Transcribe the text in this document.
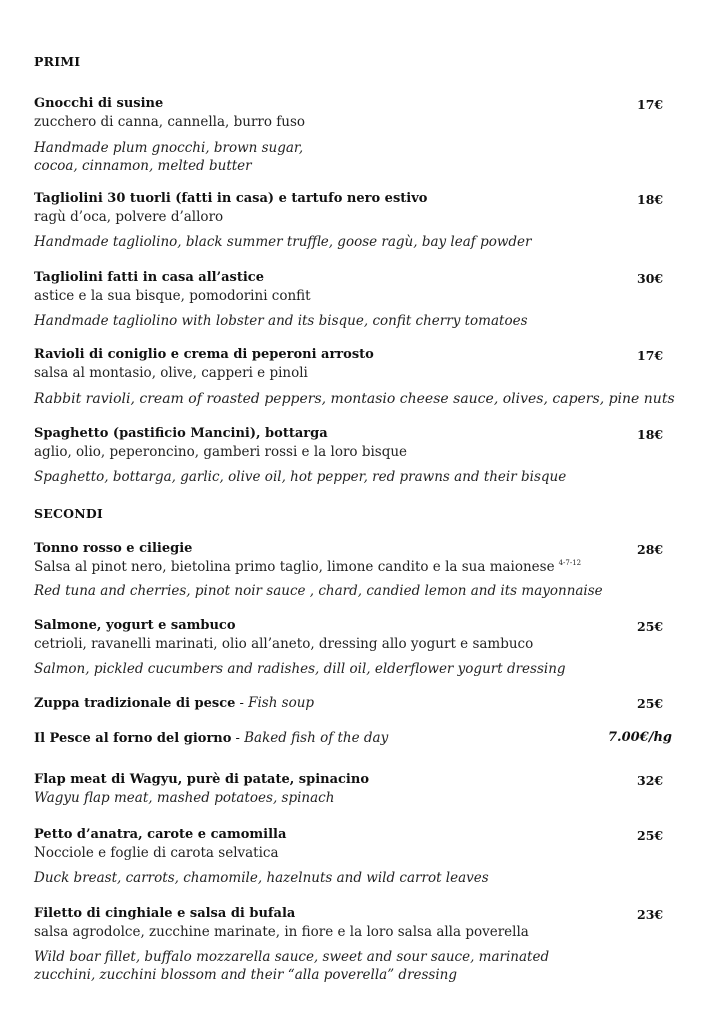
PRIMI
Gnocchi di susine	17€
zucchero di canna, cannella, burro fuso
Handmade plum gnocchi, brown sugar, cocoa, cinnamon, melted butter
Tagliolini 30 tuorli (fatti in casa) e tartufo nero estivo	18€
ragù d’oca, polvere d’alloro
Handmade tagliolino, black summer truffle, goose ragù, bay leaf powder
Tagliolini fatti in casa all’astice	30€
astice e la sua bisque, pomodorini confit
Handmade tagliolino with lobster and its bisque, confit cherry tomatoes
Ravioli di coniglio e crema di peperoni arrosto	17€
salsa al montasio, olive, capperi e pinoli
Rabbit ravioli, cream of roasted peppers, montasio cheese sauce, olives, capers, pine nuts
Spaghetto (pastificio Mancini), bottarga	18€
aglio, olio, peperoncino, gamberi rossi e la loro bisque
Spaghetto, bottarga, garlic, olive oil, hot pepper, red prawns and their bisque
SECONDI
Tonno rosso e ciliegie	28€
Salsa al pinot nero, bietolina primo taglio, limone candito e la sua maionese $^{4-7-12}$
Red tuna and cherries, pinot noir sauce , chard, candied lemon and its mayonnaise
Salmone, yogurt e sambuco	25€
cetrioli, ravanelli marinati, olio all’aneto, dressing allo yogurt e sambuco
Salmon, pickled cucumbers and radishes, dill oil, elderflower yogurt dressing
Zuppa tradizionale di pesce - Fish soup	25€
Il Pesce al forno del giorno - Baked fish of the day	7.00€/hg
Flap meat di Wagyu, purè di patate, spinacino	32€
Wagyu flap meat, mashed potatoes, spinach
Petto d’anatra, carote e camomilla	25€
Nocciole e foglie di carota selvatica
Duck breast, carrots, chamomile, hazelnuts and wild carrot leaves
Filetto di cinghiale e salsa di bufala	23€
salsa agrodolce, zucchine marinate, in fiore e la loro salsa alla poverella
Wild boar fillet, buffalo mozzarella sauce, sweet and sour sauce, marinated zucchini, zucchini blossom and their “alla poverella” dressing
